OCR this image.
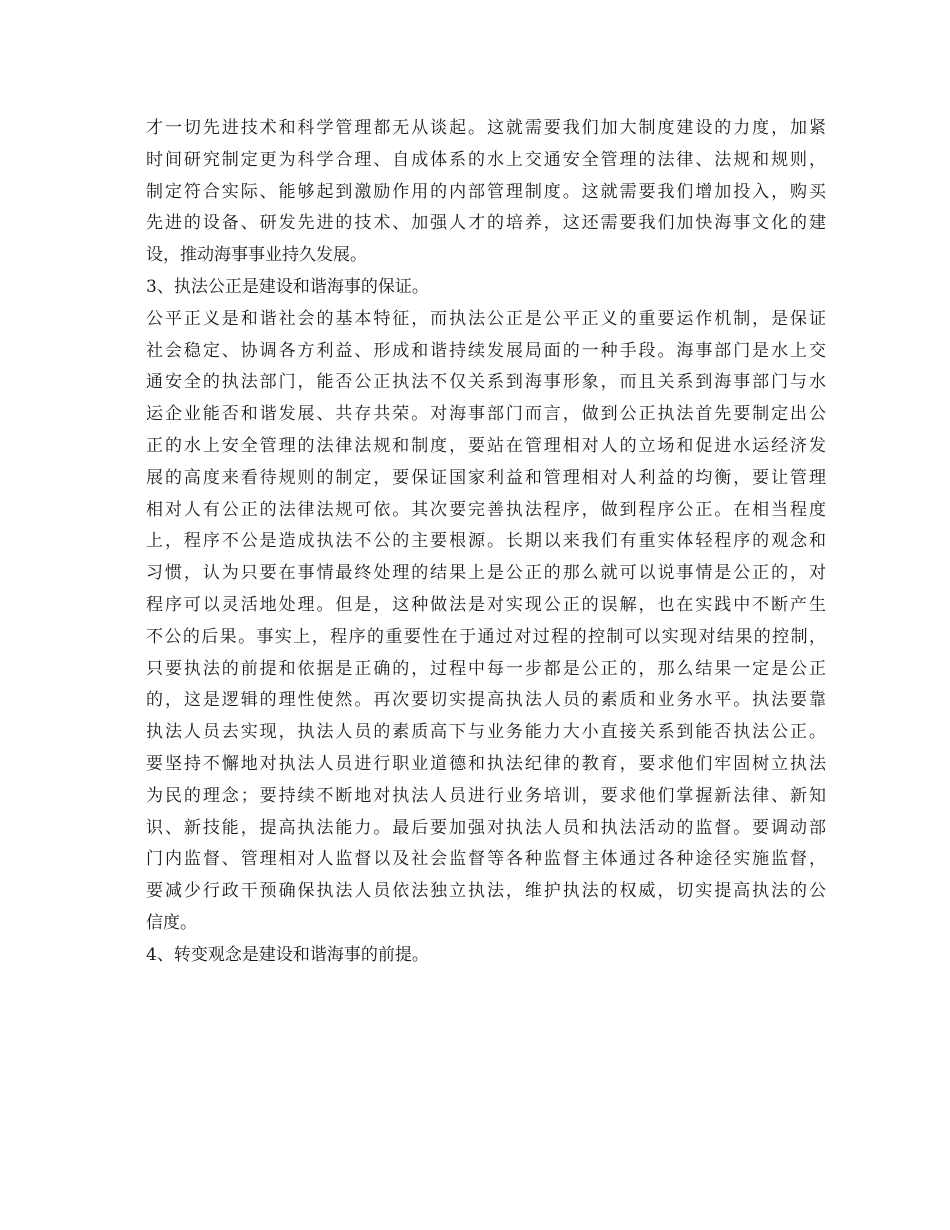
才一切先进技术和科学管理都无从谈起。这就需要我们加大制度建设的力度，加紧
时间研究制定更为科学合理、自成体系的水上交通安全管理的法律、法规和规则，
制定符合实际、能够起到激励作用的内部管理制度。这就需要我们增加投入，购买
先进的设备、研发先进的技术、加强人才的培养，这还需要我们加快海事文化的建
设，推动海事事业持久发展。
3、执法公正是建设和谐海事的保证。
公平正义是和谐社会的基本特征，而执法公正是公平正义的重要运作机制，是保证
社会稳定、协调各方利益、形成和谐持续发展局面的一种手段。海事部门是水上交
通安全的执法部门，能否公正执法不仅关系到海事形象，而且关系到海事部门与水
运企业能否和谐发展、共存共荣。对海事部门而言，做到公正执法首先要制定出公
正的水上安全管理的法律法规和制度，要站在管理相对人的立场和促进水运经济发
展的高度来看待规则的制定，要保证国家利益和管理相对人利益的均衡，要让管理
相对人有公正的法律法规可依。其次要完善执法程序，做到程序公正。在相当程度
上，程序不公是造成执法不公的主要根源。长期以来我们有重实体轻程序的观念和
习惯，认为只要在事情最终处理的结果上是公正的那么就可以说事情是公正的，对
程序可以灵活地处理。但是，这种做法是对实现公正的误解，也在实践中不断产生
不公的后果。事实上，程序的重要性在于通过对过程的控制可以实现对结果的控制，
只要执法的前提和依据是正确的，过程中每一步都是公正的，那么结果一定是公正
的，这是逻辑的理性使然。再次要切实提高执法人员的素质和业务水平。执法要靠
执法人员去实现，执法人员的素质高下与业务能力大小直接关系到能否执法公正。
要坚持不懈地对执法人员进行职业道德和执法纪律的教育，要求他们牢固树立执法
为民的理念；要持续不断地对执法人员进行业务培训，要求他们掌握新法律、新知
识、新技能，提高执法能力。最后要加强对执法人员和执法活动的监督。要调动部
门内监督、管理相对人监督以及社会监督等各种监督主体通过各种途径实施监督，
要减少行政干预确保执法人员依法独立执法，维护执法的权威，切实提高执法的公
信度。
4、转变观念是建设和谐海事的前提。
